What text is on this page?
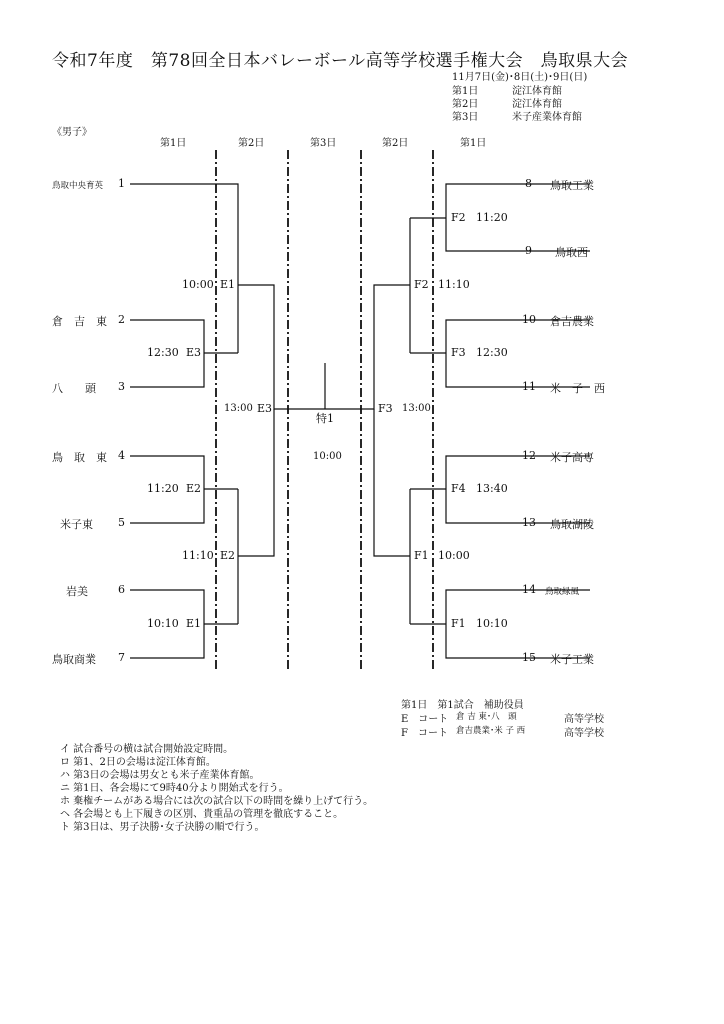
令和7年度　第78回全日本バレーボール高等学校選手権大会　鳥取県大会
11月7日(金)･8日(土)･9日(日)
第1日	淀江体育館
第2日	淀江体育館
第3日	米子産業体育館
《男子》
第1日	第2日	第3日	第2日	第1日
鳥取中央育英 1
倉　吉　東 2
八　　頭 3
鳥　取　東 4
米子東 5
岩美	6
鳥取商業 7
10:00 E1
12:30 E3
13:00 E3
11:20 E2
11:10 E2
10:10 E1
特1
10:00
F2 11:20
F2 11:10
F3 12:30
F3 13:00
F4 13:40
F1 10:00
F1 10:10
8 鳥取工業
9 鳥取西
10 倉吉農業
11 米　子　西
12 米子高専
13 鳥取湖陵
14 鳥取緑風
15 米子工業
第1日　第1試合　補助役員
E　コート 倉 吉 東･八　頭	高等学校
F　コート 倉吉農業･米 子 西	高等学校
イ 試合番号の横は試合開始設定時間。
ロ 第1、2日の会場は淀江体育館。
ハ 第3日の会場は男女とも米子産業体育館。
ニ 第1日、各会場にて9時40分より開始式を行う。
ホ 棄権チームがある場合には次の試合以下の時間を繰り上げて行う。
ヘ 各会場とも上下履きの区別、貴重品の管理を徹底すること。
ト 第3日は、男子決勝･女子決勝の順で行う。
